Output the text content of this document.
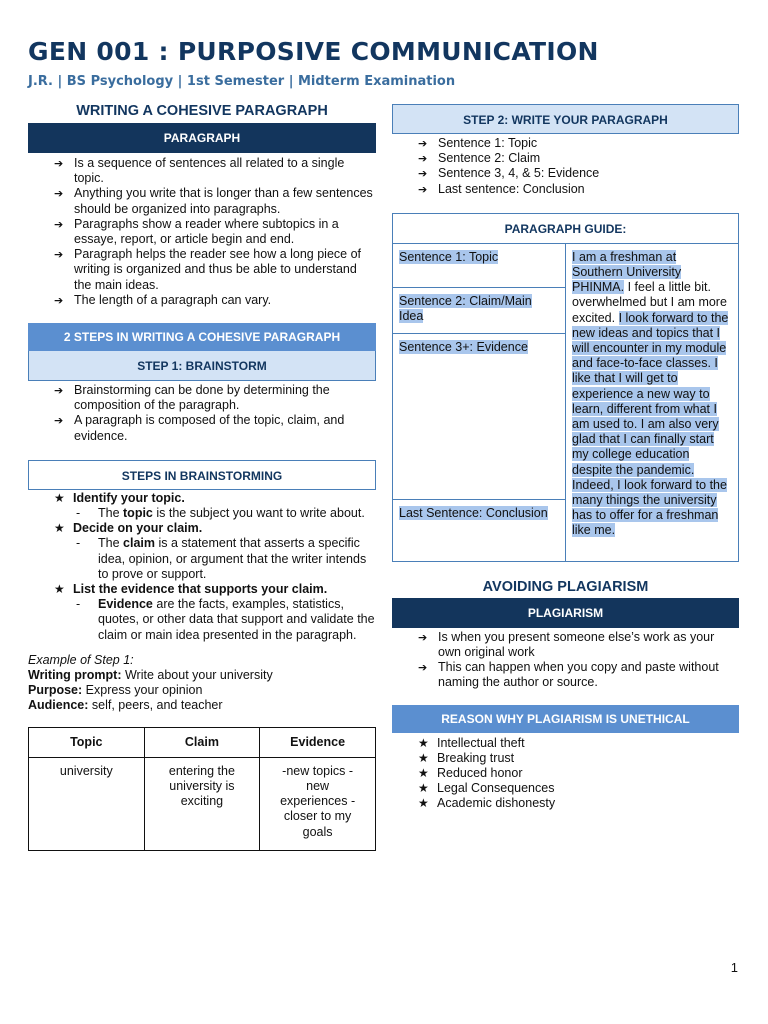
GEN 001 : PURPOSIVE COMMUNICATION
J.R. | BS Psychology | 1st Semester | Midterm Examination
WRITING A COHESIVE PARAGRAPH
PARAGRAPH
➔ Is a sequence of sentences all related to a single topic.
➔ Anything you write that is longer than a few sentences should be organized into paragraphs.
➔ Paragraphs show a reader where subtopics in a essaye, report, or article begin and end.
➔ Paragraph helps the reader see how a long piece of writing is organized and thus be able to understand the main ideas.
➔ The length of a paragraph can vary.
2 STEPS IN WRITING A COHESIVE PARAGRAPH
STEP 1: BRAINSTORM
➔ Brainstorming can be done by determining the composition of the paragraph.
➔ A paragraph is composed of the topic, claim, and evidence.
STEPS IN BRAINSTORMING
★ Identify your topic.
- The topic is the subject you want to write about.
★ Decide on your claim.
- The claim is a statement that asserts a specific idea, opinion, or argument that the writer intends to prove or support.
★ List the evidence that supports your claim.
- Evidence are the facts, examples, statistics, quotes, or other data that support and validate the claim or main idea presented in the paragraph.
Example of Step 1:
Writing prompt: Write about your university
Purpose: Express your opinion
Audience: self, peers, and teacher
Topic	Claim	Evidence
university	entering the university is exciting	-new topics -new experiences -closer to my goals
STEP 2: WRITE YOUR PARAGRAPH
➔ Sentence 1: Topic
➔ Sentence 2: Claim
➔ Sentence 3, 4, & 5: Evidence
➔ Last sentence: Conclusion
PARAGRAPH GUIDE:
Sentence 1: Topic
Sentence 2: Claim/Main Idea
Sentence 3+: Evidence
Last Sentence: Conclusion
I am a freshman at Southern University PHINMA. I feel a little bit. overwhelmed but I am more excited. I look forward to the new ideas and topics that I will encounter in my module and face-to-face classes. I like that I will get to experience a new way to learn, different from what I am used to. I am also very glad that I can finally start my college education despite the pandemic. Indeed, I look forward to the many things the university has to offer for a freshman like me.
AVOIDING PLAGIARISM
PLAGIARISM
➔ Is when you present someone else’s work as your own original work
➔ This can happen when you copy and paste without naming the author or source.
REASON WHY PLAGIARISM IS UNETHICAL
★ Intellectual theft
★ Breaking trust
★ Reduced honor
★ Legal Consequences
★ Academic dishonesty
1
